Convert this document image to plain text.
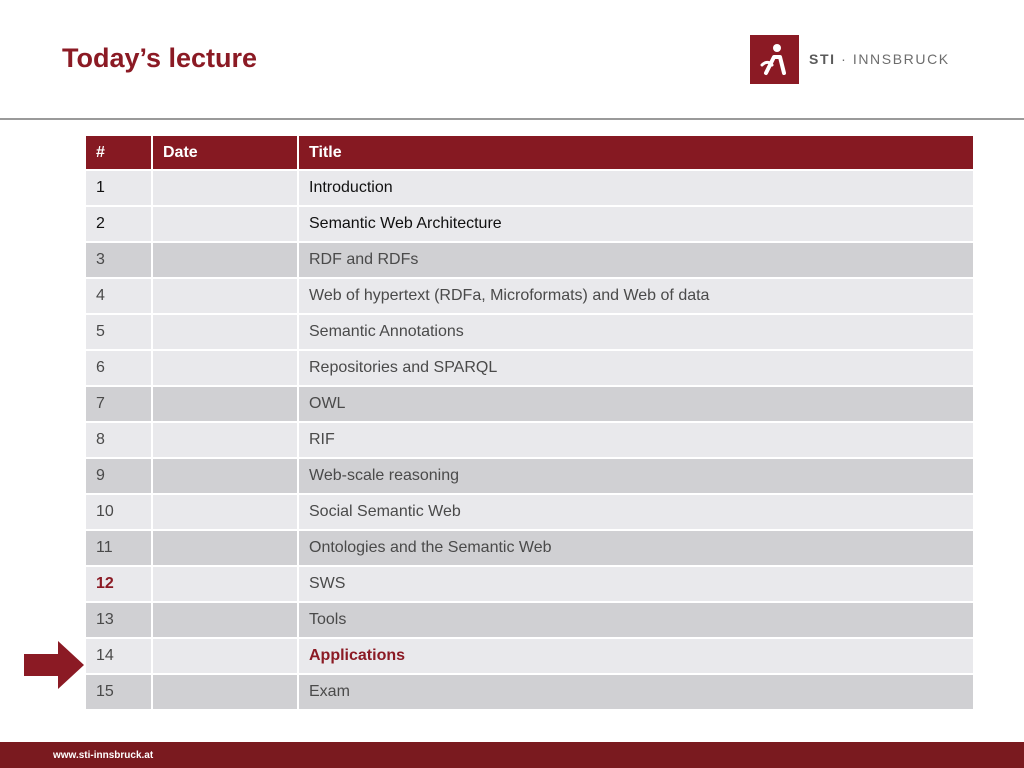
Today’s lecture	STI · INNSBRUCK
#	Date	Title
1		Introduction
2		Semantic Web Architecture
3		RDF and RDFs
4		Web of hypertext (RDFa, Microformats) and Web of data
5		Semantic Annotations
6		Repositories and SPARQL
7		OWL
8		RIF
9		Web-scale reasoning
10		Social Semantic Web
11		Ontologies and the Semantic Web
12		SWS
13		Tools
14		Applications
15		Exam
www.sti-innsbruck.at
